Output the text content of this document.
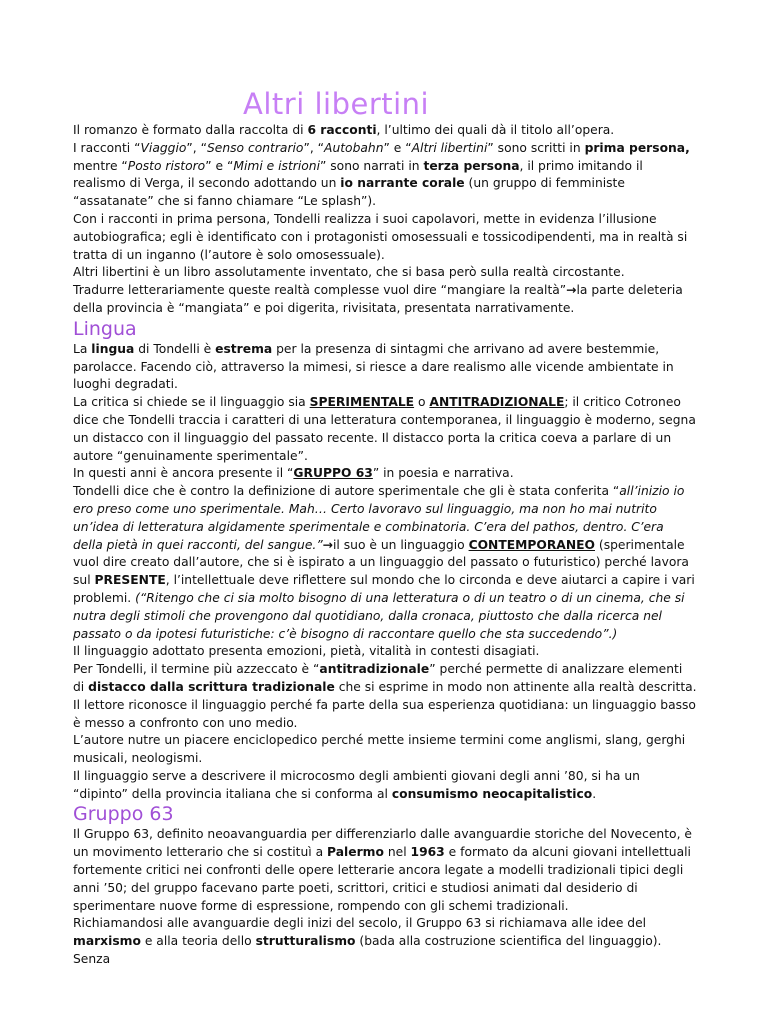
Altri libertini

Il romanzo è formato dalla raccolta di 6 racconti, l’ultimo dei quali dà il titolo all’opera.

I racconti “Viaggio”, “Senso contrario”, “Autobahn” e “Altri libertini” sono scritti in prima persona, mentre “Posto ristoro” e “Mimi e istrioni” sono narrati in terza persona, il primo imitando il realismo di Verga, il secondo adottando un io narrante corale (un gruppo di femministe “assatanate” che si fanno chiamare “Le splash”).

Con i racconti in prima persona, Tondelli realizza i suoi capolavori, mette in evidenza l’illusione autobiografica; egli è identificato con i protagonisti omosessuali e tossicodipendenti, ma in realtà si tratta di un inganno (l’autore è solo omosessuale).

Altri libertini è un libro assolutamente inventato, che si basa però sulla realtà circostante.

Tradurre letterariamente queste realtà complesse vuol dire “mangiare la realtà”→la parte deleteria della provincia è “mangiata” e poi digerita, rivisitata, presentata narrativamente.

Lingua

La lingua di Tondelli è estrema per la presenza di sintagmi che arrivano ad avere bestemmie, parolacce. Facendo ciò, attraverso la mimesi, si riesce a dare realismo alle vicende ambientate in luoghi degradati.

La critica si chiede se il linguaggio sia SPERIMENTALE o ANTITRADIZIONALE; il critico Cotroneo dice che Tondelli traccia i caratteri di una letteratura contemporanea, il linguaggio è moderno, segna un distacco con il linguaggio del passato recente. Il distacco porta la critica coeva a parlare di un autore “genuinamente sperimentale”.

In questi anni è ancora presente il “GRUPPO 63” in poesia e narrativa.

Tondelli dice che è contro la definizione di autore sperimentale che gli è stata conferita “all’inizio io ero preso come uno sperimentale. Mah… Certo lavoravo sul linguaggio, ma non ho mai nutrito un’idea di letteratura algidamente sperimentale e combinatoria. C’era del pathos, dentro. C’era della pietà in quei racconti, del sangue.”→il suo è un linguaggio CONTEMPORANEO (sperimentale vuol dire creato dall’autore, che si è ispirato a un linguaggio del passato o futuristico) perché lavora sul PRESENTE, l’intellettuale deve riflettere sul mondo che lo circonda e deve aiutarci a capire i vari problemi. (“Ritengo che ci sia molto bisogno di una letteratura o di un teatro o di un cinema, che si nutra degli stimoli che provengono dal quotidiano, dalla cronaca, piuttosto che dalla ricerca nel passato o da ipotesi futuristiche: c’è bisogno di raccontare quello che sta succedendo”.)

Il linguaggio adottato presenta emozioni, pietà, vitalità in contesti disagiati.

Per Tondelli, il termine più azzeccato è “antitradizionale” perché permette di analizzare elementi di distacco dalla scrittura tradizionale che si esprime in modo non attinente alla realtà descritta.

Il lettore riconosce il linguaggio perché fa parte della sua esperienza quotidiana: un linguaggio basso è messo a confronto con uno medio.

L’autore nutre un piacere enciclopedico perché mette insieme termini come anglismi, slang, gerghi musicali, neologismi.

Il linguaggio serve a descrivere il microcosmo degli ambienti giovani degli anni ’80, si ha un “dipinto” della provincia italiana che si conforma al consumismo neocapitalistico.

Gruppo 63

Il Gruppo 63, definito neoavanguardia per differenziarlo dalle avanguardie storiche del Novecento, è un movimento letterario che si costituì a Palermo nel 1963 e formato da alcuni giovani intellettuali fortemente critici nei confronti delle opere letterarie ancora legate a modelli tradizionali tipici degli anni ’50; del gruppo facevano parte poeti, scrittori, critici e studiosi animati dal desiderio di sperimentare nuove forme di espressione, rompendo con gli schemi tradizionali.

Richiamandosi alle avanguardie degli inizi del secolo, il Gruppo 63 si richiamava alle idee del marxismo e alla teoria dello strutturalismo (bada alla costruzione scientifica del linguaggio). Senza
